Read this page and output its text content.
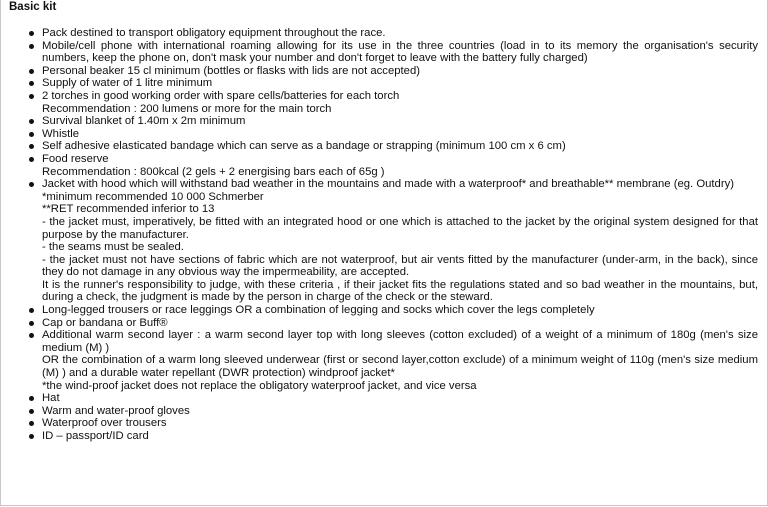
Basic kit
Pack destined to transport obligatory equipment throughout the race.
Mobile/cell phone with international roaming allowing for its use in the three countries (load in to its memory the organisation's security numbers, keep the phone on, don't mask your number and don't forget to leave with the battery fully charged)
Personal beaker 15 cl minimum (bottles or flasks with lids are not accepted)
Supply of water of 1 litre minimum
2 torches in good working order with spare cells/batteries for each torch
Recommendation : 200 lumens or more for the main torch
Survival blanket of 1.40m x 2m minimum
Whistle
Self adhesive elasticated bandage which can serve as a bandage or strapping (minimum 100 cm x 6 cm)
Food reserve
Recommendation : 800kcal (2 gels + 2 energising bars each of 65g )
Jacket with hood which will withstand bad weather in the mountains and made with a waterproof* and breathable** membrane (eg. Outdry)
*minimum recommended 10 000 Schmerber
**RET recommended inferior to 13
- the jacket must, imperatively, be fitted with an integrated hood or one which is attached to the jacket by the original system designed for that purpose by the manufacturer.
- the seams must be sealed.
- the jacket must not have sections of fabric which are not waterproof, but air vents fitted by the manufacturer (under-arm, in the back), since they do not damage in any obvious way the impermeability, are accepted.
It is the runner's responsibility to judge, with these criteria , if their jacket fits the regulations stated and so bad weather in the mountains, but, during a check, the judgment is made by the person in charge of the check or the steward.
Long-legged trousers or race leggings OR a combination of legging and socks which cover the legs completely
Cap or bandana or Buff®
Additional warm second layer : a warm second layer top with long sleeves (cotton excluded) of a weight of a minimum of 180g (men's size medium (M) )
OR the combination of a warm long sleeved underwear (first or second layer,cotton exclude) of a minimum weight of 110g (men's size medium (M) ) and a durable water repellant (DWR protection) windproof jacket*
*the wind-proof jacket does not replace the obligatory waterproof jacket, and vice versa
Hat
Warm and water-proof gloves
Waterproof over trousers
ID – passport/ID card
